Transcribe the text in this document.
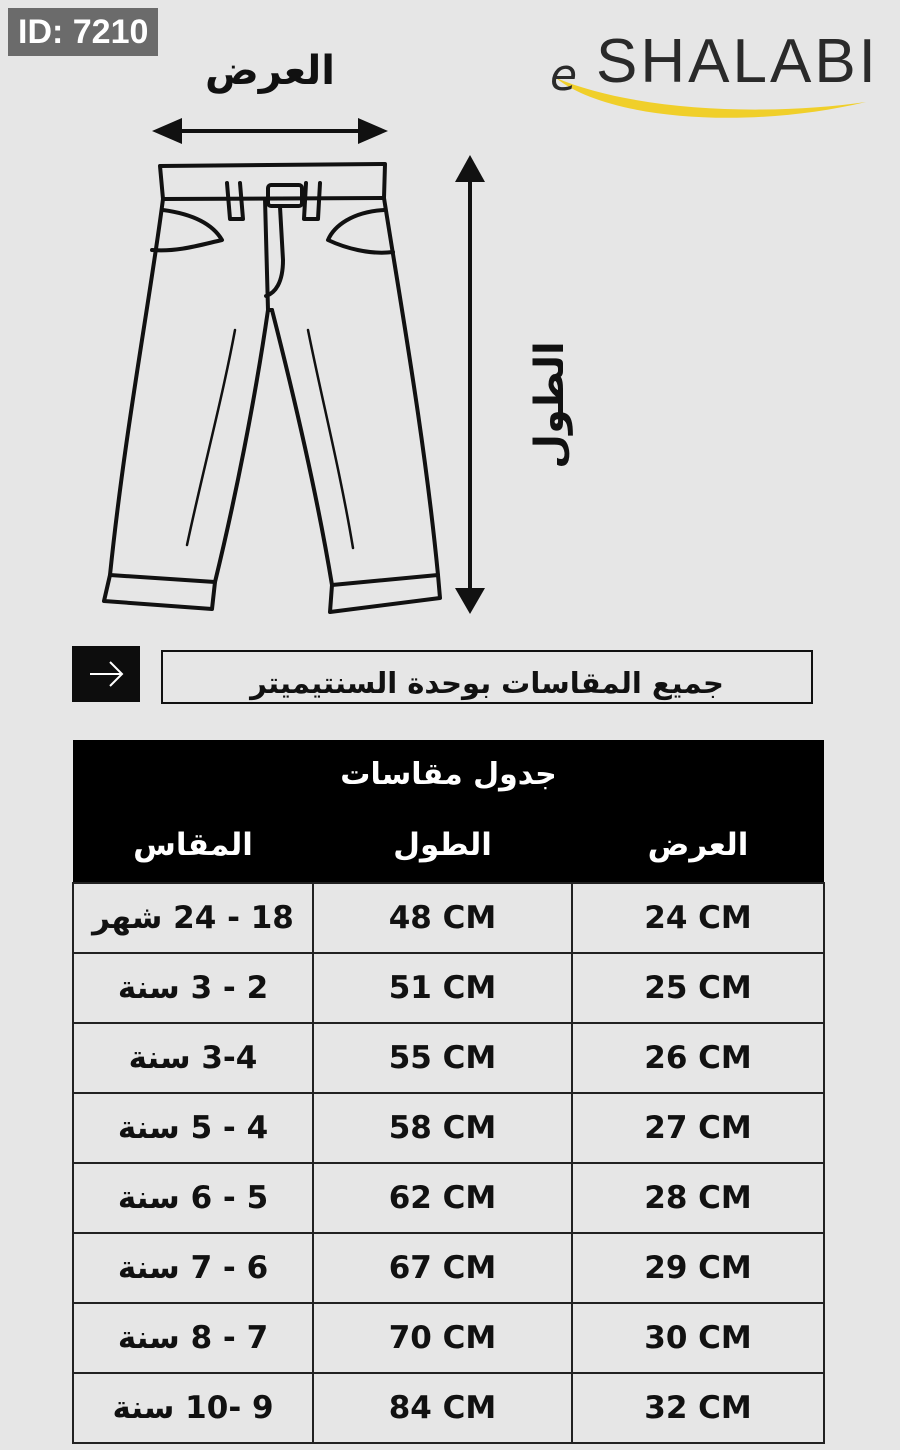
ID: 7210
e SHALABI
العرض
الطول
جميع المقاسات بوحدة السنتيميتر
جدول مقاسات		
المقاس	الطول	العرض
18 - 24 شهر	48 CM	24 CM
2 - 3 سنة	51 CM	25 CM
3-4 سنة	55 CM	26 CM
4 - 5 سنة	58 CM	27 CM
5 - 6 سنة	62 CM	28 CM
6 - 7 سنة	67 CM	29 CM
7 - 8 سنة	70 CM	30 CM
9 -10 سنة	84 CM	32 CM
